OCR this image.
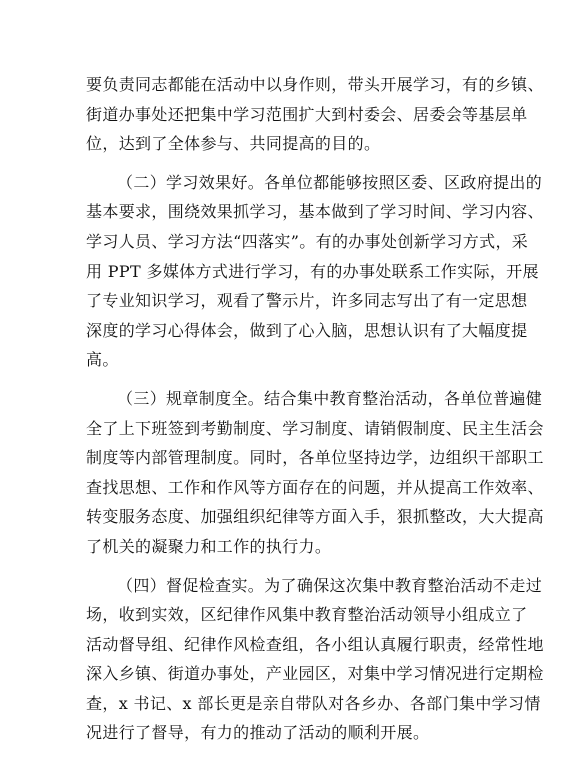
要负责同志都能在活动中以身作则，带头开展学习，有的乡镇、
街道办事处还把集中学习范围扩大到村委会、居委会等基层单
位，达到了全体参与、共同提高的目的。

（二）学习效果好。各单位都能够按照区委、区政府提出的
基本要求，围绕效果抓学习，基本做到了学习时间、学习内容、
学习人员、学习方法“四落实”。有的办事处创新学习方式，采
用 PPT 多媒体方式进行学习，有的办事处联系工作实际，开展
了专业知识学习，观看了警示片，许多同志写出了有一定思想
深度的学习心得体会，做到了心入脑，思想认识有了大幅度提
高。

（三）规章制度全。结合集中教育整治活动，各单位普遍健
全了上下班签到考勤制度、学习制度、请销假制度、民主生活会
制度等内部管理制度。同时，各单位坚持边学，边组织干部职工
查找思想、工作和作风等方面存在的问题，并从提高工作效率、
转变服务态度、加强组织纪律等方面入手，狠抓整改，大大提高
了机关的凝聚力和工作的执行力。

（四）督促检查实。为了确保这次集中教育整治活动不走过
场，收到实效，区纪律作风集中教育整治活动领导小组成立了
活动督导组、纪律作风检查组，各小组认真履行职责，经常性地
深入乡镇、街道办事处，产业园区，对集中学习情况进行定期检
查，x 书记、x 部长更是亲自带队对各乡办、各部门集中学习情
况进行了督导，有力的推动了活动的顺利开展。
